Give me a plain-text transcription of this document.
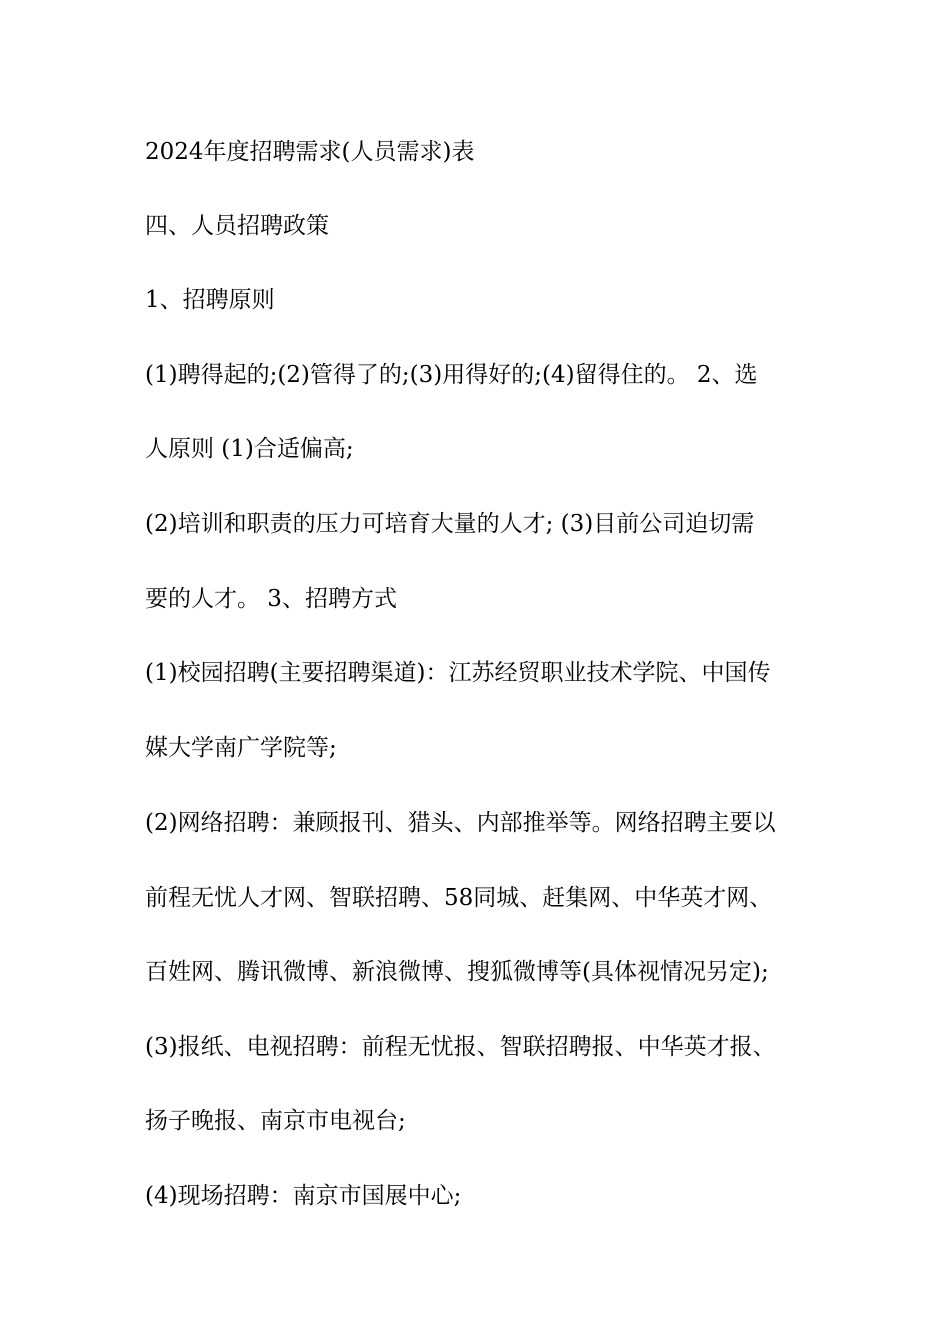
2024年度招聘需求(人员需求)表
四、人员招聘政策
1、招聘原则
(1)聘得起的;(2)管得了的;(3)用得好的;(4)留得住的。 2、选
人原则 (1)合适偏高;
(2)培训和职责的压力可培育大量的人才; (3)目前公司迫切需
要的人才。 3、招聘方式
(1)校园招聘(主要招聘渠道)：江苏经贸职业技术学院、中国传
媒大学南广学院等;
(2)网络招聘：兼顾报刊、猎头、内部推举等。网络招聘主要以
前程无忧人才网、智联招聘、58同城、赶集网、中华英才网、
百姓网、腾讯微博、新浪微博、搜狐微博等(具体视情况另定);
(3)报纸、电视招聘：前程无忧报、智联招聘报、中华英才报、
扬子晚报、南京市电视台;
(4)现场招聘：南京市国展中心;
